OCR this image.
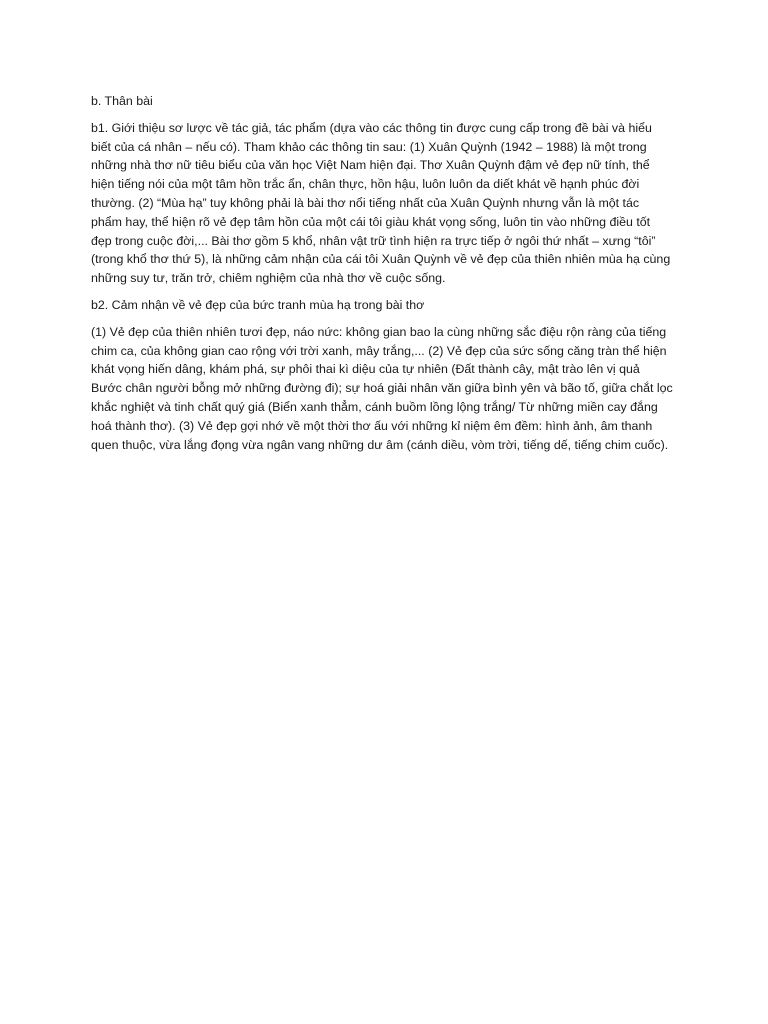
b. Thân bài

b1. Giới thiệu sơ lược về tác giả, tác phẩm (dựa vào các thông tin được cung cấp trong đề bài và hiểu
biết của cá nhân – nếu có). Tham khảo các thông tin sau: (1) Xuân Quỳnh (1942 – 1988) là một trong
những nhà thơ nữ tiêu biểu của văn học Việt Nam hiện đại. Thơ Xuân Quỳnh đậm vẻ đẹp nữ tính, thể
hiện tiếng nói của một tâm hồn trắc ẩn, chân thực, hồn hậu, luôn luôn da diết khát về hạnh phúc đời
thường. (2) “Mùa hạ” tuy không phải là bài thơ nổi tiếng nhất của Xuân Quỳnh nhưng vẫn là một tác
phẩm hay, thể hiện rõ vẻ đẹp tâm hồn của một cái tôi giàu khát vọng sống, luôn tin vào những điều tốt
đẹp trong cuộc đời,... Bài thơ gồm 5 khổ, nhân vật trữ tình hiện ra trực tiếp ở ngôi thứ nhất – xưng “tôi”
(trong khổ thơ thứ 5), là những cảm nhận của cái tôi Xuân Quỳnh về vẻ đẹp của thiên nhiên mùa hạ cùng
những suy tư, trăn trở, chiêm nghiệm của nhà thơ về cuộc sống.

b2. Cảm nhận về vẻ đẹp của bức tranh mùa hạ trong bài thơ

(1) Vẻ đẹp của thiên nhiên tươi đẹp, náo nức: không gian bao la cùng những sắc điệu rộn ràng của tiếng
chim ca, của không gian cao rộng với trời xanh, mây trắng,... (2) Vẻ đẹp của sức sống căng tràn thể hiện
khát vọng hiến dâng, khám phá, sự phôi thai kì diệu của tự nhiên (Đất thành cây, mật trào lên vị quả
Bước chân người bỗng mở những đường đi); sự hoá giải nhân văn giữa bình yên và bão tố, giữa chắt lọc
khắc nghiệt và tinh chất quý giá (Biển xanh thẳm, cánh buồm lồng lộng trắng/ Từ những miền cay đắng
hoá thành thơ). (3) Vẻ đẹp gợi nhớ về một thời thơ ấu với những kỉ niệm êm đềm: hình ảnh, âm thanh
quen thuộc, vừa lắng đọng vừa ngân vang những dư âm (cánh diều, vòm trời, tiếng dế, tiếng chim cuốc).
